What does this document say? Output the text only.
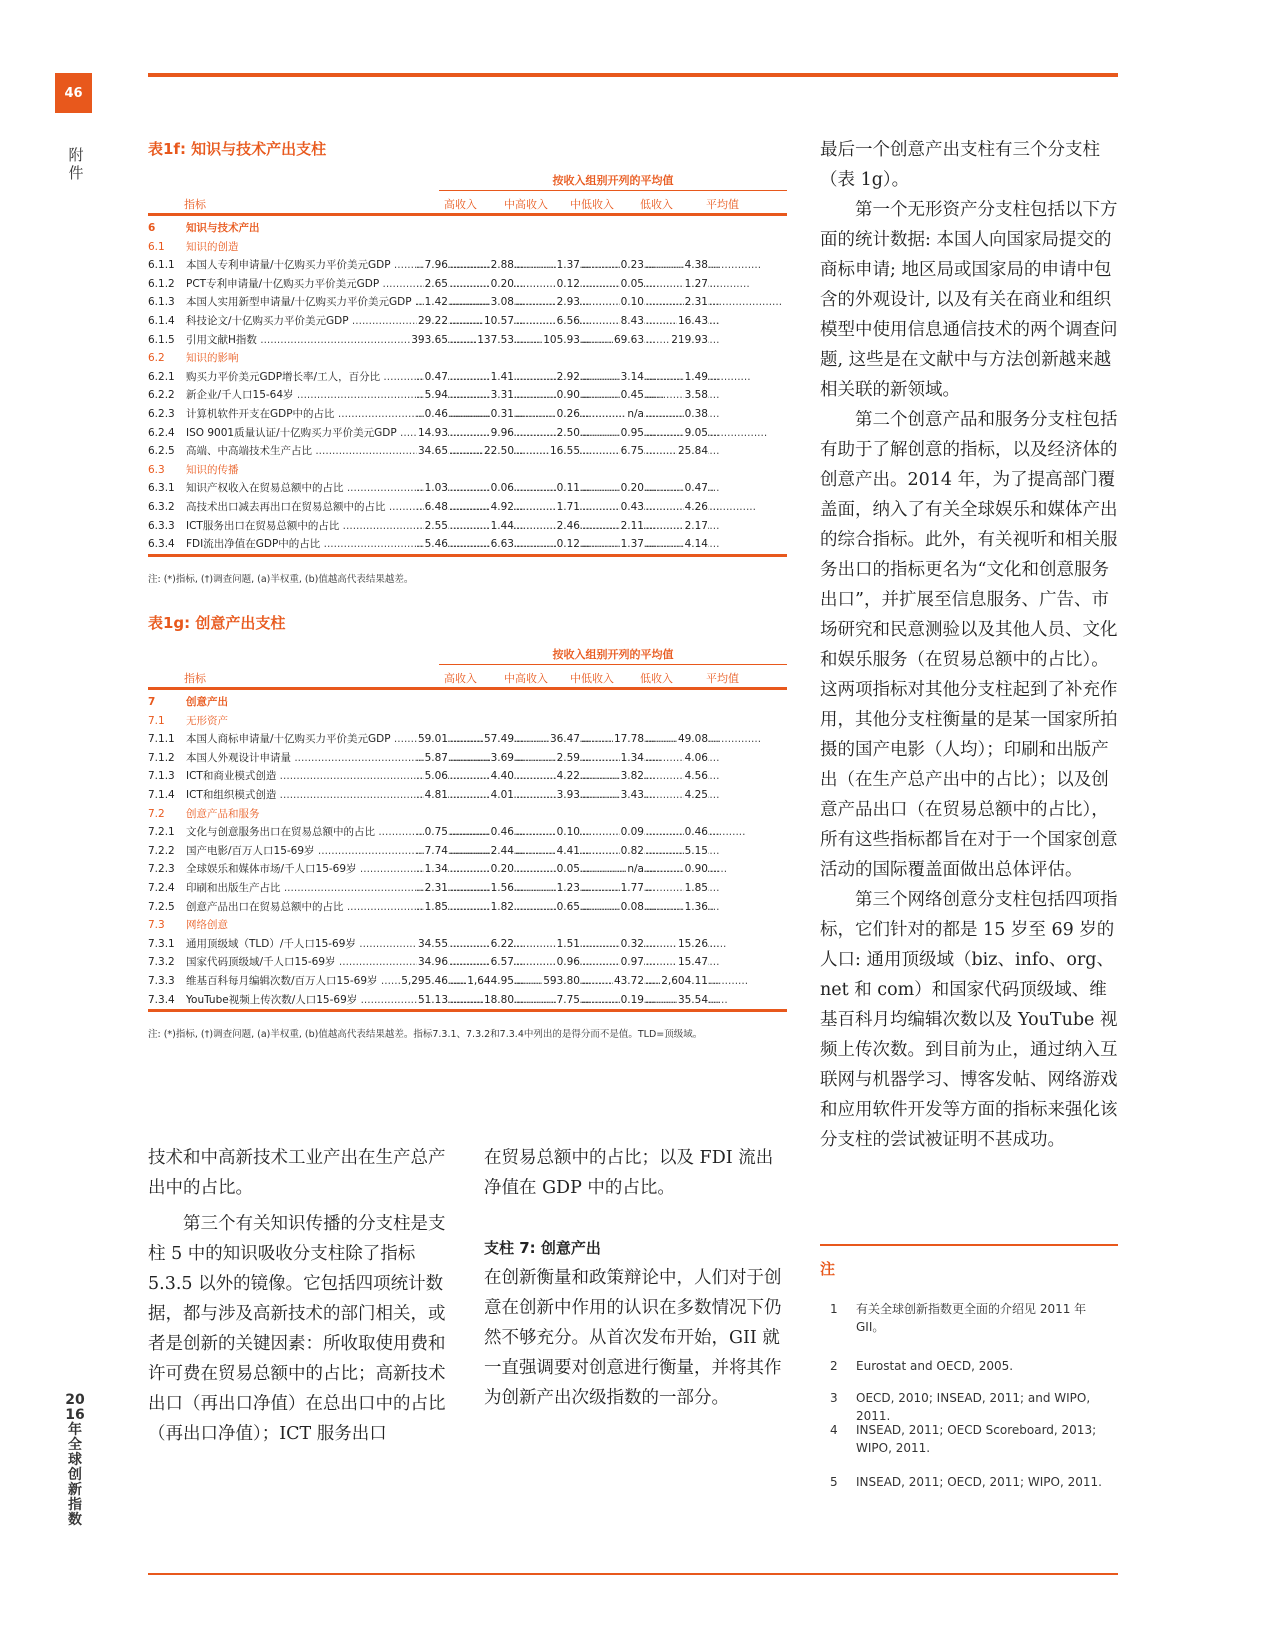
46
附件
表1f: 知识与技术产出支柱
按收入组别开列的平均值
指标	高收入 中高收入 中低收入 低收入	平均值
6	知识与技术产出
6.1	知识的创造
6.1.1	本国人专利申请量/十亿购买力平价美元GDP .....	..... 7.96	..... 2.88	..... 1.37	..... 0.23	..... 4.38
6.1.2	PCT专利申请量/十亿购买力平价美元GDP .....	..... 2.65	..... 0.20	..... 0.12	..... 0.05	..... 1.27
6.1.3	本国人实用新型申请量/十亿购买力平价美元GDP .....	..... 1.42	..... 3.08	..... 2.93	..... 0.10	..... 2.31
6.1.4	科技论文/十亿购买力平价美元GDP .....	..... 29.22	..... 10.57	..... 6.56	..... 8.43	..... 16.43
6.1.5	引用文献H指数 .....	..... 393.65	..... 137.53	..... 105.93	..... 69.63	..... 219.93
6.2	知识的影响
6.2.1	购买力平价美元GDP增长率/工人，百分比 .....	..... 0.47	..... 1.41	..... 2.92	..... 3.14	..... 1.49
6.2.2	新企业/千人口15-64岁 .....	..... 5.94	..... 3.31	..... 0.90	..... 0.45	..... 3.58
6.2.3	计算机软件开支在GDP中的占比 .....	..... 0.46	..... 0.31	..... 0.26	..... n/a	..... 0.38
6.2.4	ISO 9001质量认证/十亿购买力平价美元GDP .....	..... 14.93	..... 9.96	..... 2.50	..... 0.95	..... 9.05
6.2.5	高端、中高端技术生产占比 .....	..... 34.65	..... 22.50	..... 16.55	..... 6.75	..... 25.84
6.3	知识的传播
6.3.1	知识产权收入在贸易总额中的占比 .....	..... 1.03	..... 0.06	..... 0.11	..... 0.20	..... 0.47
6.3.2	高技术出口减去再出口在贸易总额中的占比 .....	..... 6.48	..... 4.92	..... 1.71	..... 0.43	..... 4.26
6.3.3	ICT服务出口在贸易总额中的占比 .....	..... 2.55	..... 1.44	..... 2.46	..... 2.11	..... 2.17
6.3.4	FDI流出净值在GDP中的占比 .....	..... 5.46	..... 6.63	..... 0.12	..... 1.37	..... 4.14
注: (*)指标, (†)调查问题, (a)半权重, (b)值越高代表结果越差。
表1g: 创意产出支柱
按收入组别开列的平均值
指标	高收入 中高收入 中低收入 低收入	平均值
7	创意产出
7.1	无形资产
7.1.1	本国人商标申请量/十亿购买力平价美元GDP .....	..... 59.01	..... 57.49	..... 36.47	..... 17.78	..... 49.08
7.1.2	本国人外观设计申请量 .....	..... 5.87	..... 3.69	..... 2.59	..... 1.34	..... 4.06
7.1.3	ICT和商业模式创造 .....	..... 5.06	..... 4.40	..... 4.22	..... 3.82	..... 4.56
7.1.4	ICT和组织模式创造 .....	..... 4.81	..... 4.01	..... 3.93	..... 3.43	..... 4.25
7.2	创意产品和服务
7.2.1	文化与创意服务出口在贸易总额中的占比 .....	..... 0.75	..... 0.46	..... 0.10	..... 0.09	..... 0.46
7.2.2	国产电影/百万人口15-69岁 .....	..... 7.74	..... 2.44	..... 4.41	..... 0.82	..... 5.15
7.2.3	全球娱乐和媒体市场/千人口15-69岁 .....	..... 1.34	..... 0.20	..... 0.05	..... n/a	..... 0.90
7.2.4	印刷和出版生产占比 .....	..... 2.31	..... 1.56	..... 1.23	..... 1.77	..... 1.85
7.2.5	创意产品出口在贸易总额中的占比 .....	..... 1.85	..... 1.82	..... 0.65	..... 0.08	..... 1.36
7.3	网络创意
7.3.1	通用顶级域（TLD）/千人口15-69岁 .....	..... 34.55	..... 6.22	..... 1.51	..... 0.32	..... 15.26
7.3.2	国家代码顶级域/千人口15-69岁 .....	..... 34.96	..... 6.57	..... 0.96	..... 0.97	..... 15.47
7.3.3	维基百科每月编辑次数/百万人口15-69岁 .....	..... 5,295.46 ..... 1,644.95	..... 593.80	..... 43.72 ..... 2,604.11
7.3.4	YouTube视频上传次数/人口15-69岁 .....	..... 51.13	..... 18.80	..... 7.75	..... 0.19	..... 35.54
注: (*)指标, (†)调查问题, (a)半权重, (b)值越高代表结果越差。指标7.3.1、7.3.2和7.3.4中列出的是得分而不是值。TLD=顶级域。

最后一个创意产出支柱有三个分支柱（表 1g）。

第一个无形资产分支柱包括以下方面的统计数据: 本国人向国家局提交的商标申请; 地区局或国家局的申请中包含的外观设计, 以及有关在商业和组织模型中使用信息通信技术的两个调查问题, 这些是在文献中与方法创新越来越相关联的新领域。

第二个创意产品和服务分支柱包括有助于了解创意的指标，以及经济体的创意产出。2014 年，为了提高部门覆盖面，纳入了有关全球娱乐和媒体产出的综合指标。此外，有关视听和相关服务出口的指标更名为“文化和创意服务出口”，并扩展至信息服务、广告、市场研究和民意测验以及其他人员、文化和娱乐服务（在贸易总额中的占比）。这两项指标对其他分支柱起到了补充作用，其他分支柱衡量的是某一国家所拍摄的国产电影（人均）；印刷和出版产出（在生产总产出中的占比）；以及创意产品出口（在贸易总额中的占比），所有这些指标都旨在对于一个国家创意活动的国际覆盖面做出总体评估。

第三个网络创意分支柱包括四项指标，它们针对的都是 15 岁至 69 岁的人口: 通用顶级域（biz、info、org、net 和 com）和国家代码顶级域、维基百科月均编辑次数以及 YouTube 视频上传次数。到目前为止，通过纳入互联网与机器学习、博客发帖、网络游戏和应用软件开发等方面的指标来强化该分支柱的尝试被证明不甚成功。

技术和中高新技术工业产出在生产总产出中的占比。

第三个有关知识传播的分支柱是支柱 5 中的知识吸收分支柱除了指标 5.3.5 以外的镜像。它包括四项统计数据，都与涉及高新技术的部门相关，或者是创新的关键因素：所收取使用费和许可费在贸易总额中的占比；高新技术出口（再出口净值）在总出口中的占比（再出口净值）；ICT 服务出口

在贸易总额中的占比；以及 FDI 流出净值在 GDP 中的占比。

支柱 7: 创意产出

在创新衡量和政策辩论中，人们对于创意在创新中作用的认识在多数情况下仍然不够充分。从首次发布开始，GII 就一直强调要对创意进行衡量，并将其作为创新产出次级指数的一部分。

注
1 有关全球创新指数更全面的介绍见 2011 年 GII。
2 Eurostat and OECD, 2005.
3 OECD, 2010; INSEAD, 2011; and WIPO, 2011.
4 INSEAD, 2011; OECD Scoreboard, 2013; WIPO, 2011.
5 INSEAD, 2011; OECD, 2011; WIPO, 2011.
2016年全球创新指数
